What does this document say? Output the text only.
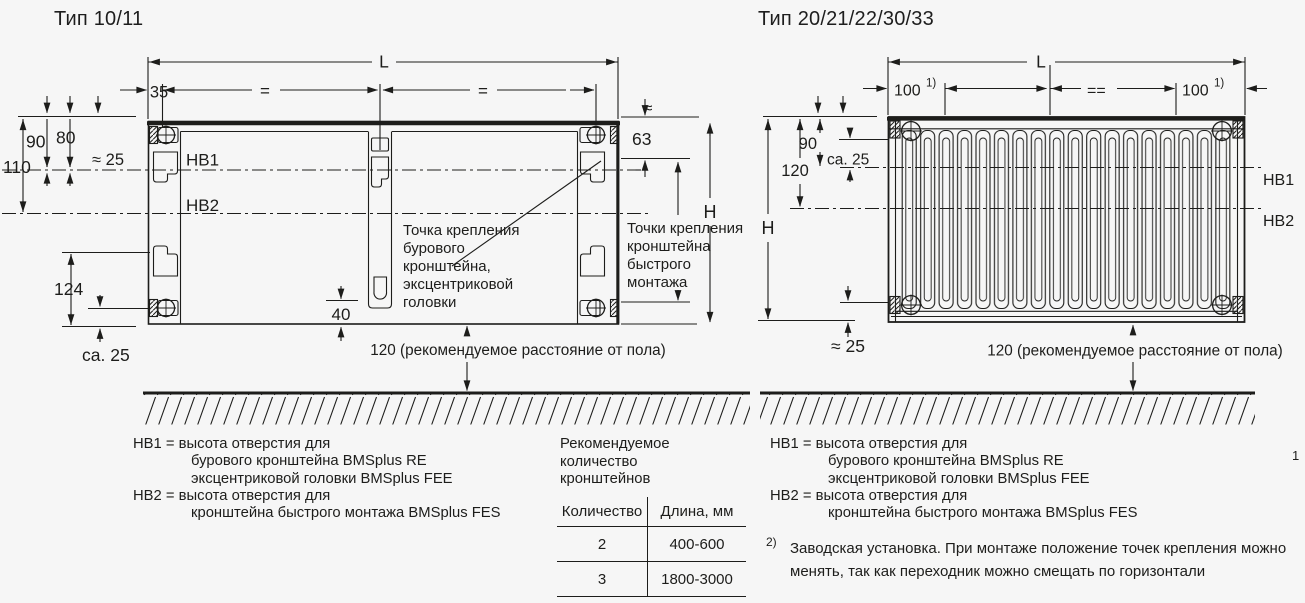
Тип 10/11	Тип 20/21/22/30/33
L
35	=	=
≈
63
H
90 80
110	≈ 25	HB1
HB2
124
ca. 25
40
120 (рекомендуемое расстояние от пола)
Точка крепления
бурового
кронштейна,
эксцентриковой
головки
Точки крепления
кронштейна
быстрого
монтажа
L
100 1)	==	100 1)
90
120
ca. 25
H
≈ 25
HB1
HB2
120 (рекомендуемое расстояние от пола)
HB1 = высота отверстия для
бурового кронштейна BMSplus RE
эксцентриковой головки BMSplus FEE
HB2 = высота отверстия для
кронштейна быстрого монтажа BMSplus FES
Рекомендуемое
количество
кронштейнов
Количество	Длина, мм
2	400-600
3	1800-3000
HB1 = высота отверстия для
бурового кронштейна BMSplus RE
эксцентриковой головки BMSplus FEE
HB2 = высота отверстия для
кронштейна быстрого монтажа BMSplus FES
2) Заводская установка. При монтаже положение точек крепления можно
менять, так как переходник можно смещать по горизонтали
1
